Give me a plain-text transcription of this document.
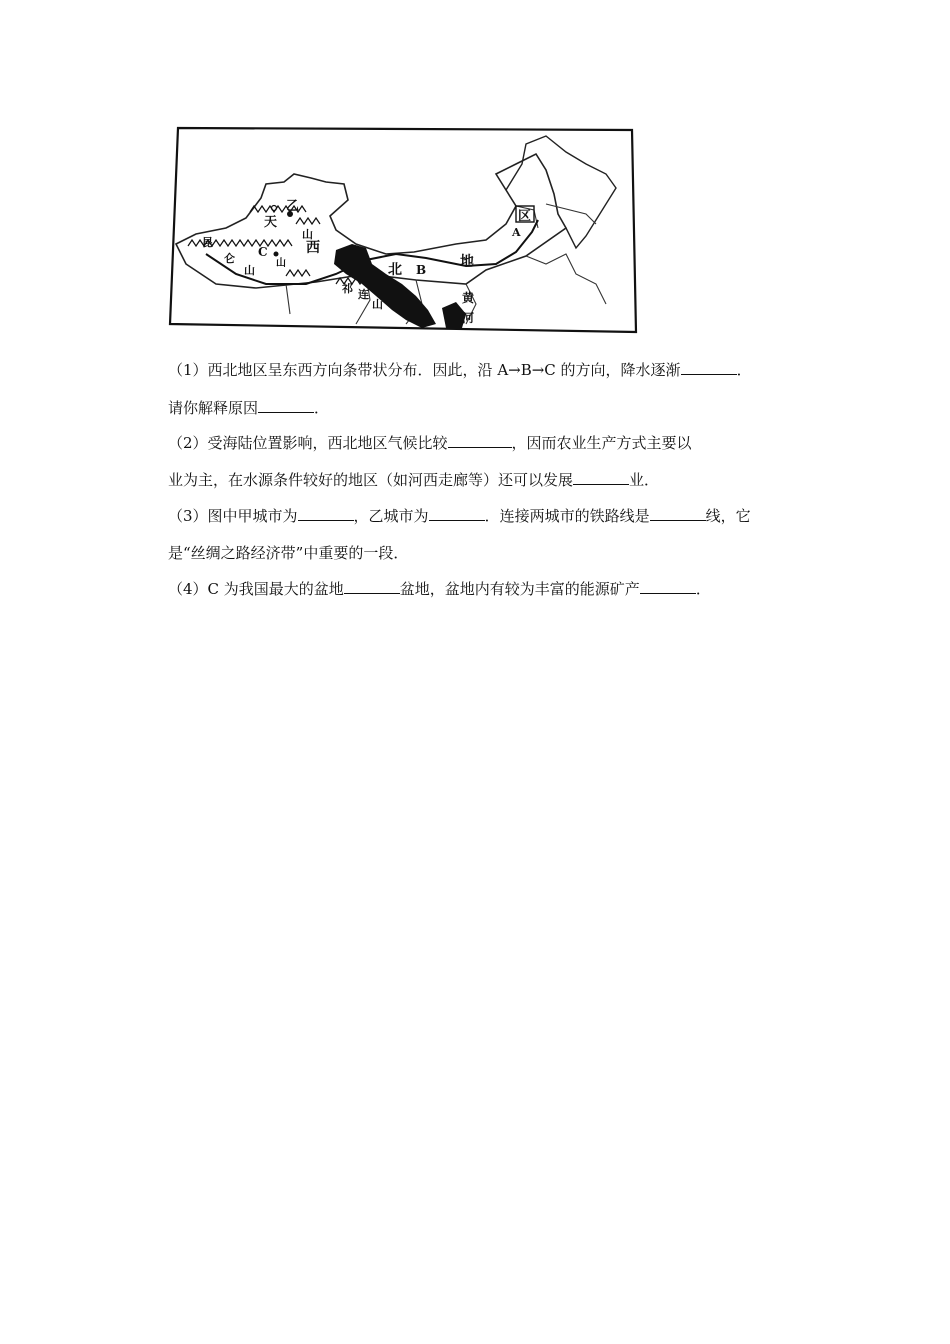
乙
天
山
C	西
昆
仑
山
山
祁 连
山
北 B 地
区
A
黄
河
（1）西北地区呈东西方向条带状分布．因此，沿 A→B→C 的方向，降水逐渐	．
请你解释原因	．
（2）受海陆位置影响，西北地区气候比较	，因而农业生产方式主要以
业为主，在水源条件较好的地区（如河西走廊等）还可以发展	业．
（3）图中甲城市为	，乙城市为	．连接两城市的铁路线是	线，它
是“丝绸之路经济带”中重要的一段．
（4）C 为我国最大的盆地	盆地，盆地内有较为丰富的能源矿产	．
